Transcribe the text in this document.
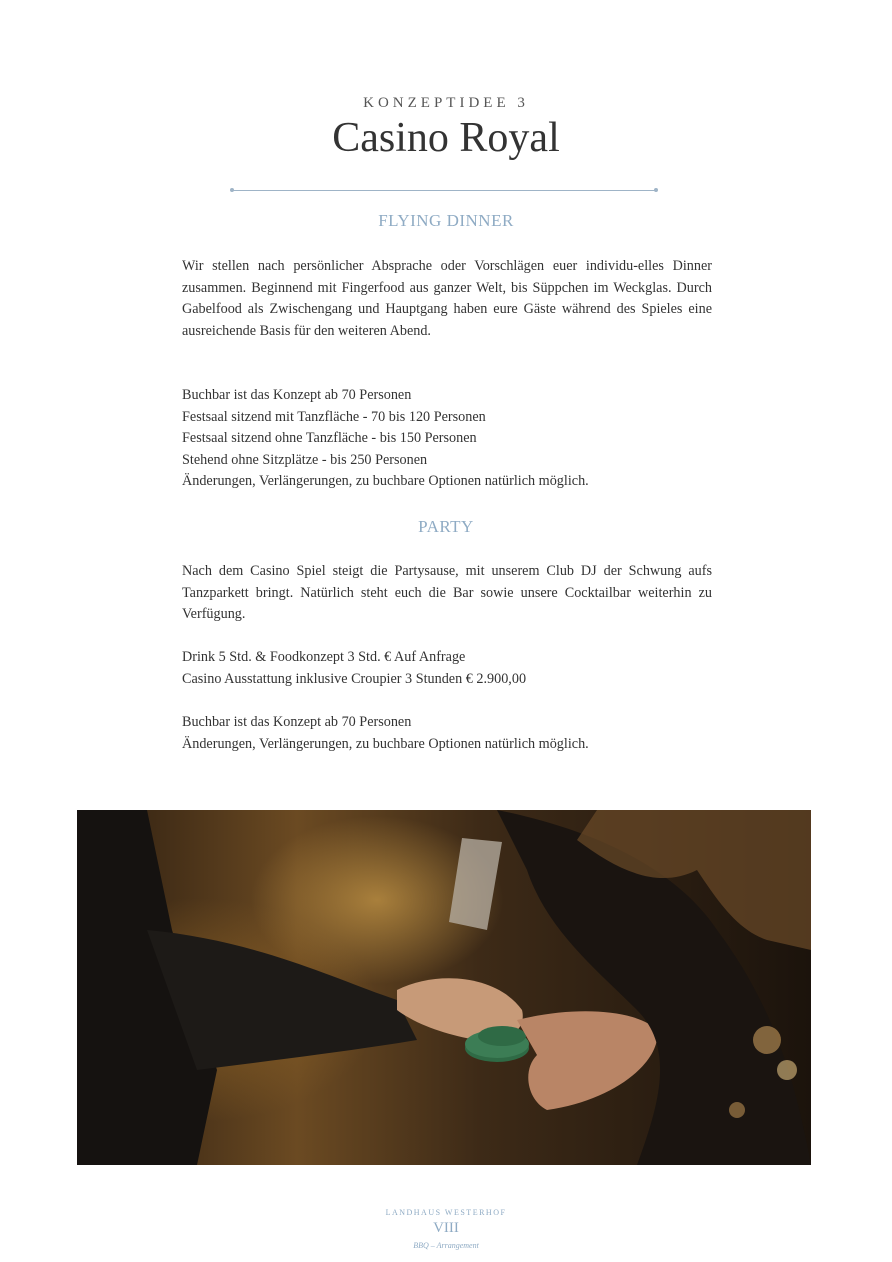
KONZEPTIDEE 3
Casino Royal
FLYING DINNER

Wir stellen nach persönlicher Absprache oder Vorschlägen euer individu-elles Dinner zusammen. Beginnend mit Fingerfood aus ganzer Welt, bis Süppchen im Weckglas. Durch Gabelfood als Zwischengang und Hauptgang haben eure Gäste während des Spieles eine ausreichende Basis für den weiteren Abend.

Buchbar ist das Konzept ab 70 Personen
Festsaal sitzend mit Tanzfläche - 70 bis 120 Personen
Festsaal sitzend ohne Tanzfläche - bis 150 Personen
Stehend ohne Sitzplätze - bis 250 Personen
Änderungen, Verlängerungen, zu buchbare Optionen natürlich möglich.
PARTY

Nach dem Casino Spiel steigt die Partysause, mit unserem Club DJ der Schwung aufs Tanzparkett bringt. Natürlich steht euch die Bar sowie unsere Cocktailbar weiterhin zu Verfügung.

Drink 5 Std. & Foodkonzept 3 Std. € Auf Anfrage
Casino Ausstattung inklusive Croupier 3 Stunden € 2.900,00
Buchbar ist das Konzept ab 70 Personen
Änderungen, Verlängerungen, zu buchbare Optionen natürlich möglich.
LANDHAUS WESTERHOF
VIII
BBQ – Arrangement
